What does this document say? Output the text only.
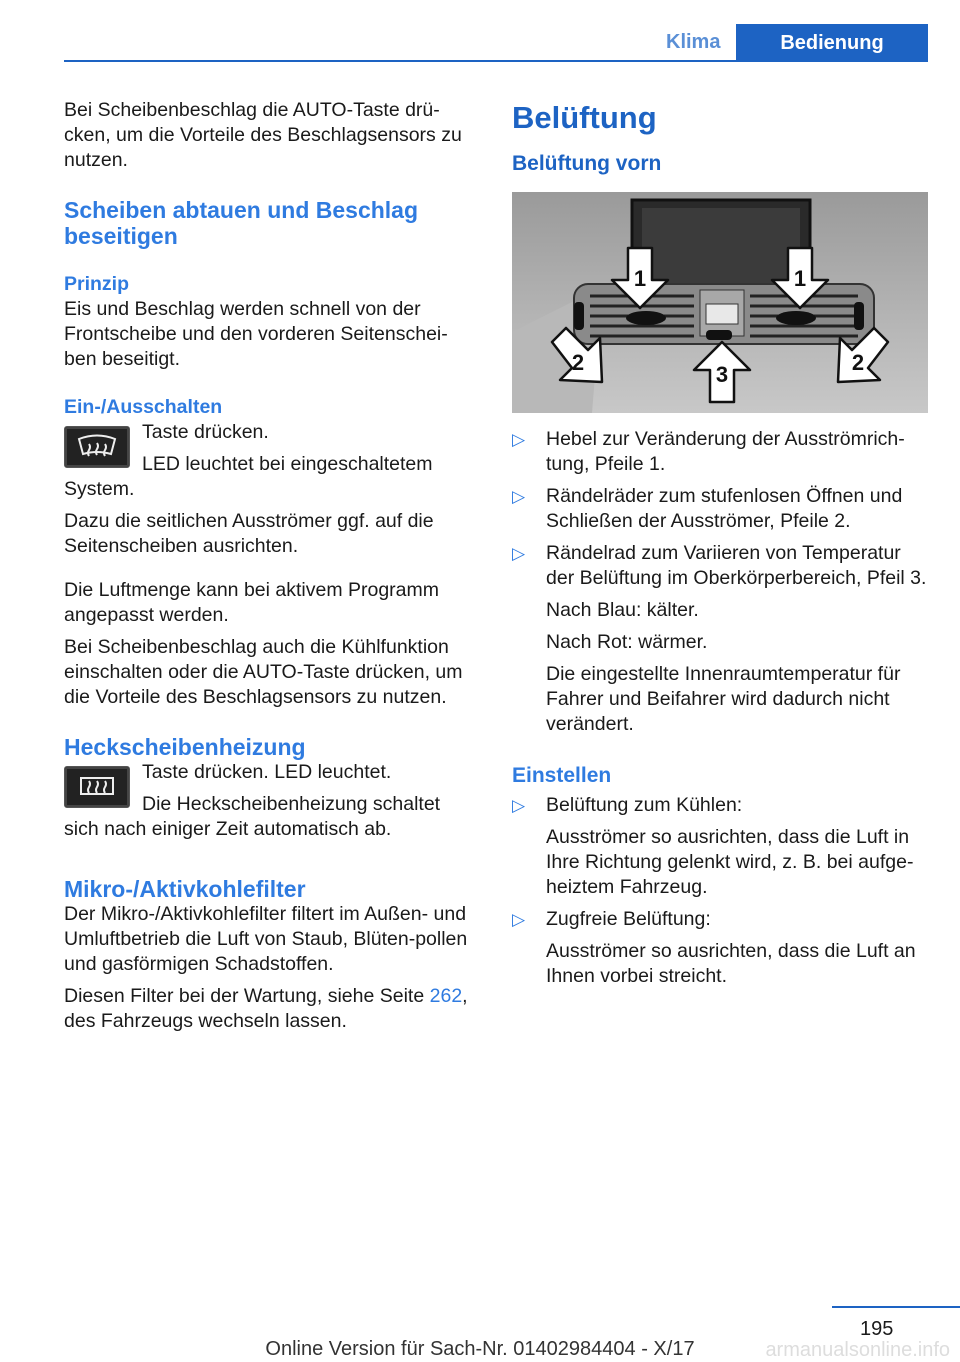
Klima	Bedienung

Bei Scheibenbeschlag die AUTO-Taste drü-cken, um die Vorteile des Beschlagsensors zu nutzen.

Scheiben abtauen und Beschlag beseitigen
Prinzip

Eis und Beschlag werden schnell von der Frontscheibe und den vorderen Seitenschei-ben beseitigt.

Ein-/Ausschalten

Taste drücken.

LED leuchtet bei eingeschaltetem System.

Dazu die seitlichen Ausströmer ggf. auf die Seitenscheiben ausrichten.

Die Luftmenge kann bei aktivem Programm angepasst werden.

Bei Scheibenbeschlag auch die Kühlfunktion einschalten oder die AUTO-Taste drücken, um die Vorteile des Beschlagsensors zu nutzen.

Heckscheibenheizung

Taste drücken. LED leuchtet.

Die Heckscheibenheizung schaltet sich nach einiger Zeit automatisch ab.

Mikro-/Aktivkohlefilter

Der Mikro-/Aktivkohlefilter filtert im Außen- und Umluftbetrieb die Luft von Staub, Blüten-pollen und gasförmigen Schadstoffen.

Diesen Filter bei der Wartung, siehe Seite 262, des Fahrzeugs wechseln lassen.

Belüftung
Belüftung vorn
1	1
2	3	2
▷ Hebel zur Veränderung der Ausströmrich-tung, Pfeile 1.

▷ Rändelräder zum stufenlosen Öffnen und Schließen der Ausströmer, Pfeile 2.

▷ Rändelrad zum Variieren von Temperatur der Belüftung im Oberkörperbereich, Pfeil 3.

Nach Blau: kälter.

Nach Rot: wärmer.

Die eingestellte Innenraumtemperatur für Fahrer und Beifahrer wird dadurch nicht verändert.

Einstellen
▷ Belüftung zum Kühlen:

Ausströmer so ausrichten, dass die Luft in Ihre Richtung gelenkt wird, z. B. bei aufge-heiztem Fahrzeug.

▷ Zugfreie Belüftung:

Ausströmer so ausrichten, dass die Luft an Ihnen vorbei streicht.

195
Online Version für Sach-Nr. 01402984404 - X/17	armanualsonline.info
